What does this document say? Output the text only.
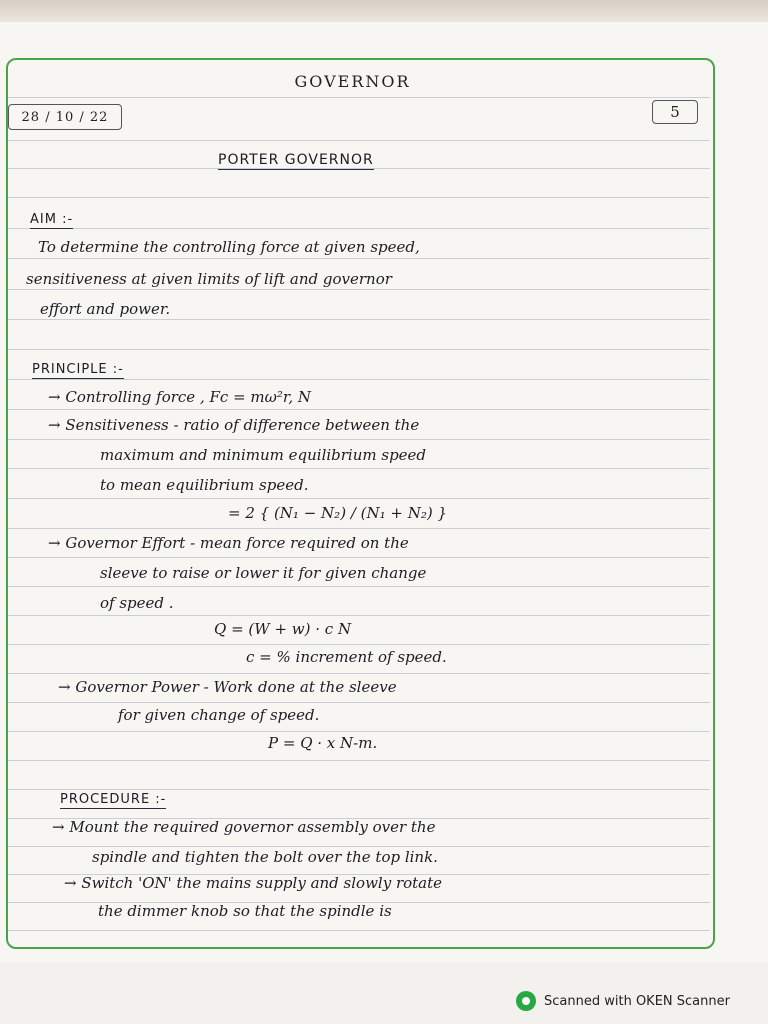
GOVERNOR
28 / 10 / 22	5
PORTER GOVERNOR
AIM :-
To determine the controlling force at given speed,
sensitiveness at given limits of lift and governor
effort and power.
PRINCIPLE :-
→ Controlling force , Fc = mω²r, N
→ Sensitiveness - ratio of difference between the
maximum and minimum equilibrium speed
to mean equilibrium speed.
= 2 { (N₁ − N₂) / (N₁ + N₂) }
→ Governor Effort - mean force required on the
sleeve to raise or lower it for given change
of speed .
Q = (W + w) · c N
c = % increment of speed.
→ Governor Power - Work done at the sleeve
for given change of speed.
P = Q · x N-m.
PROCEDURE :-
→ Mount the required governor assembly over the
spindle and tighten the bolt over the top link.
→ Switch 'ON' the mains supply and slowly rotate
the dimmer knob so that the spindle is
Scanned with OKEN Scanner
